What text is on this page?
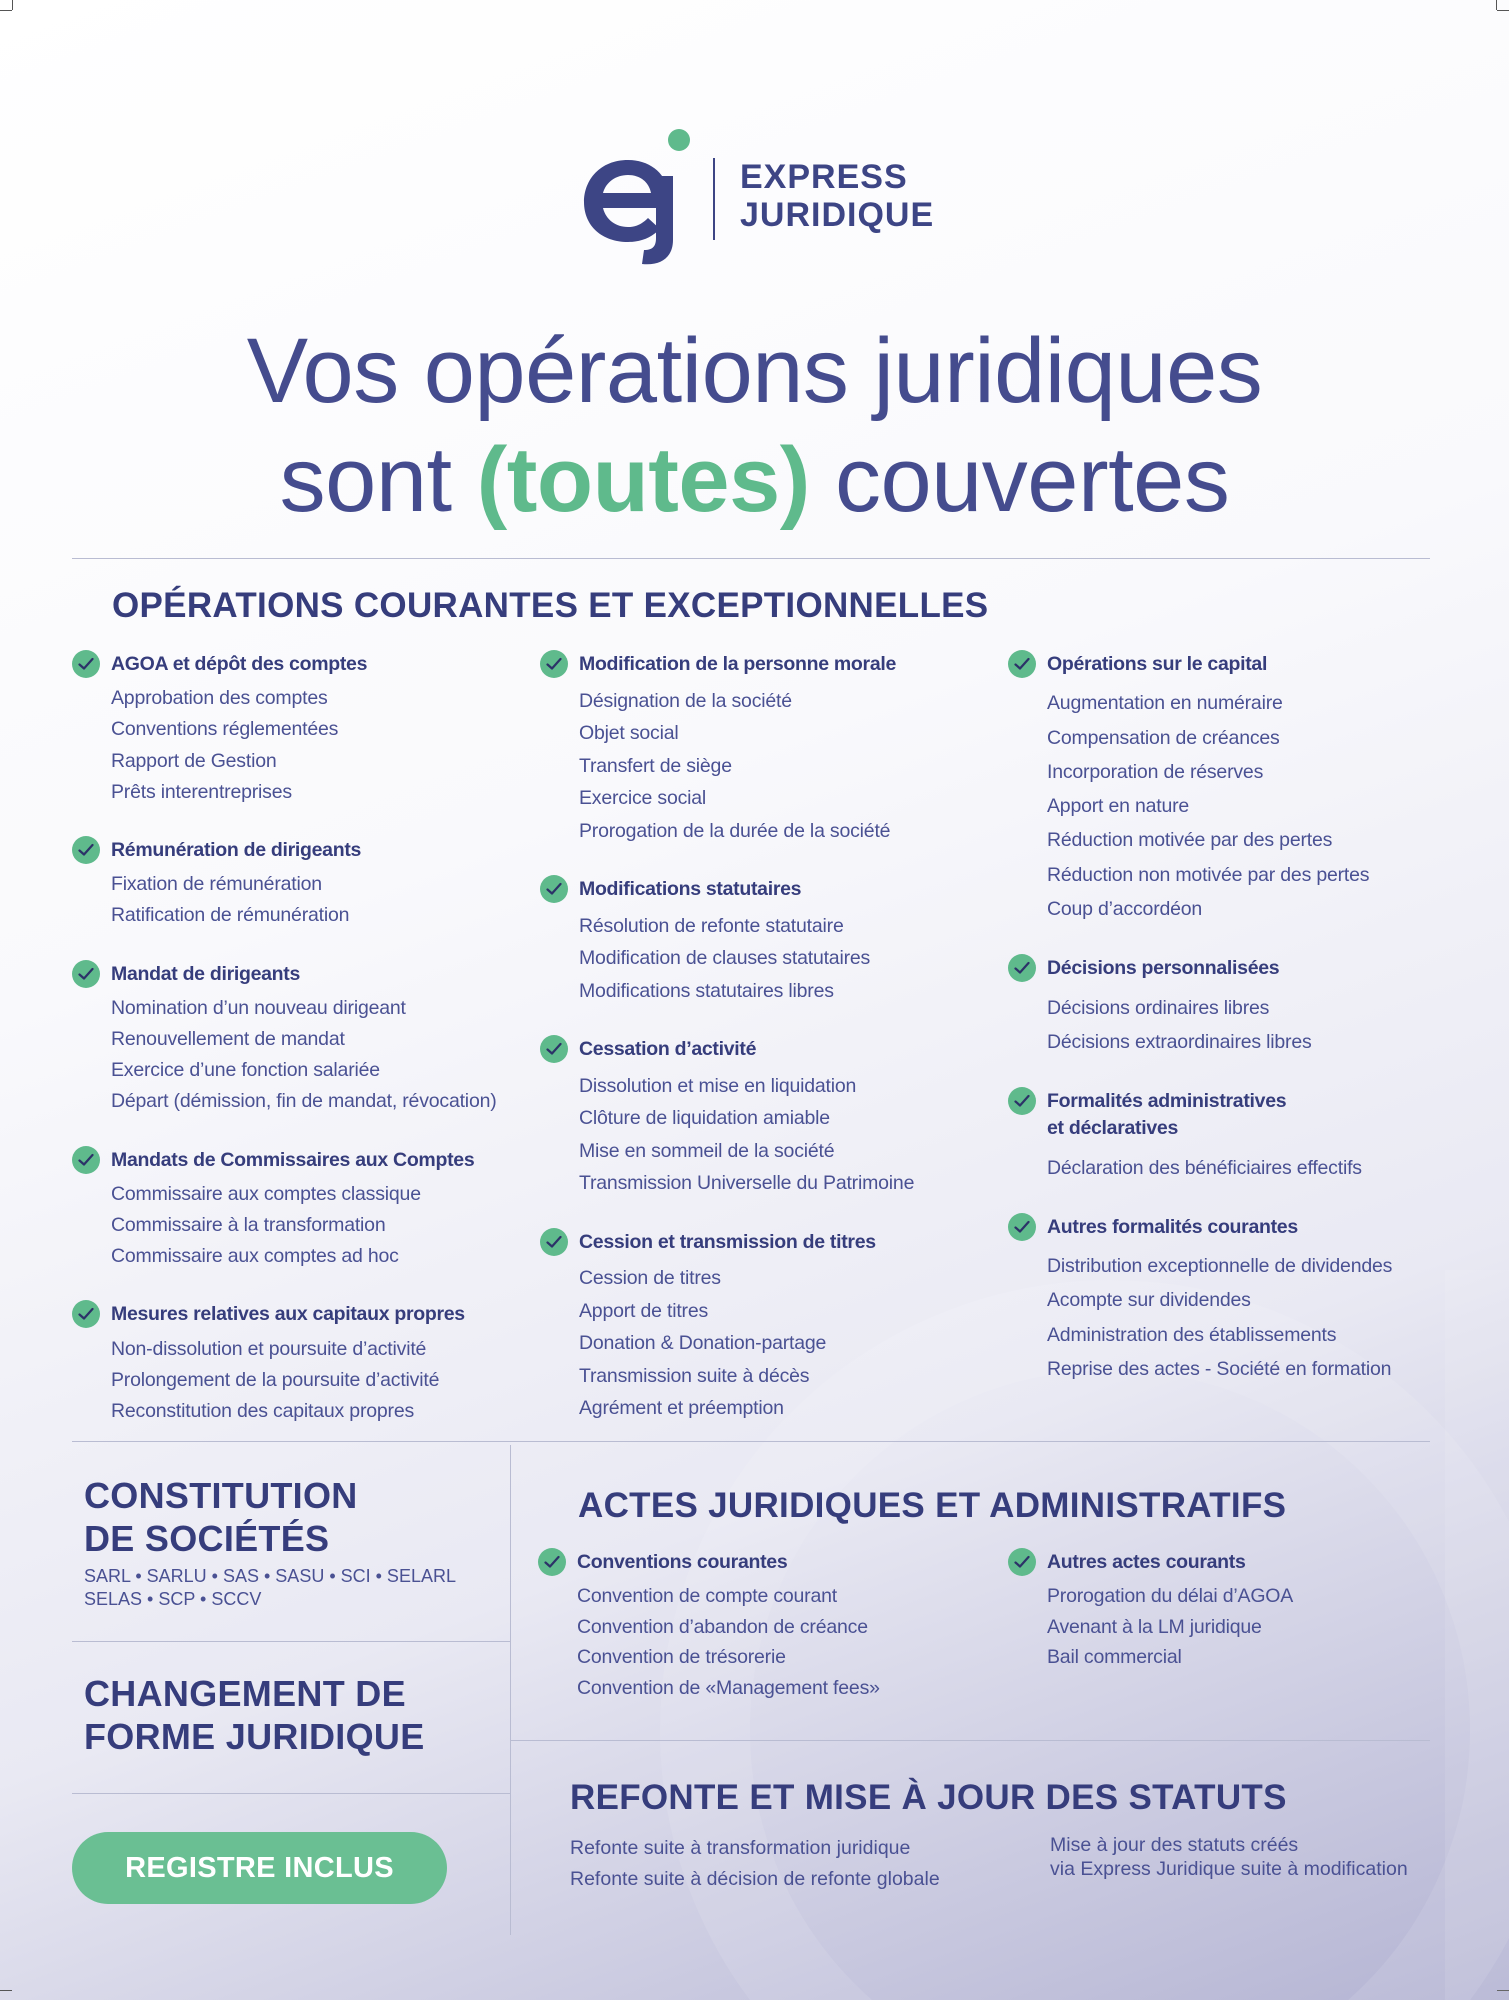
EXPRESS
JURIDIQUE
Vos opérations juridiques
sont (toutes) couvertes
OPÉRATIONS COURANTES ET EXCEPTIONNELLES
AGOA et dépôt des comptes
Approbation des comptes
Conventions réglementées
Rapport de Gestion
Prêts interentreprises
Rémunération de dirigeants
Fixation de rémunération
Ratification de rémunération
Mandat de dirigeants
Nomination d’un nouveau dirigeant
Renouvellement de mandat
Exercice d’une fonction salariée
Départ (démission, fin de mandat, révocation)
Mandats de Commissaires aux Comptes
Commissaire aux comptes classique
Commissaire à la transformation
Commissaire aux comptes ad hoc
Mesures relatives aux capitaux propres
Non-dissolution et poursuite d’activité
Prolongement de la poursuite d’activité
Reconstitution des capitaux propres
Modification de la personne morale
Désignation de la société
Objet social
Transfert de siège
Exercice social
Prorogation de la durée de la société
Modifications statutaires
Résolution de refonte statutaire
Modification de clauses statutaires
Modifications statutaires libres
Cessation d’activité
Dissolution et mise en liquidation
Clôture de liquidation amiable
Mise en sommeil de la société
Transmission Universelle du Patrimoine
Cession et transmission de titres
Cession de titres
Apport de titres
Donation & Donation-partage
Transmission suite à décès
Agrément et préemption
Opérations sur le capital
Augmentation en numéraire
Compensation de créances
Incorporation de réserves
Apport en nature
Réduction motivée par des pertes
Réduction non motivée par des pertes
Coup d’accordéon
Décisions personnalisées
Décisions ordinaires libres
Décisions extraordinaires libres
Formalités administratives
et déclaratives
Déclaration des bénéficiaires effectifs
Autres formalités courantes
Distribution exceptionnelle de dividendes
Acompte sur dividendes
Administration des établissements
Reprise des actes - Société en formation
CONSTITUTION
DE SOCIÉTÉS
SARL • SARLU • SAS • SASU • SCI • SELARL
SELAS • SCP • SCCV
CHANGEMENT DE
FORME JURIDIQUE
REGISTRE INCLUS
ACTES JURIDIQUES ET ADMINISTRATIFS
Conventions courantes
Convention de compte courant
Convention d’abandon de créance
Convention de trésorerie
Convention de «Management fees»
Autres actes courants
Prorogation du délai d’AGOA
Avenant à la LM juridique
Bail commercial
REFONTE ET MISE À JOUR DES STATUTS
Refonte suite à transformation juridique
Refonte suite à décision de refonte globale
Mise à jour des statuts créés
via Express Juridique suite à modification
